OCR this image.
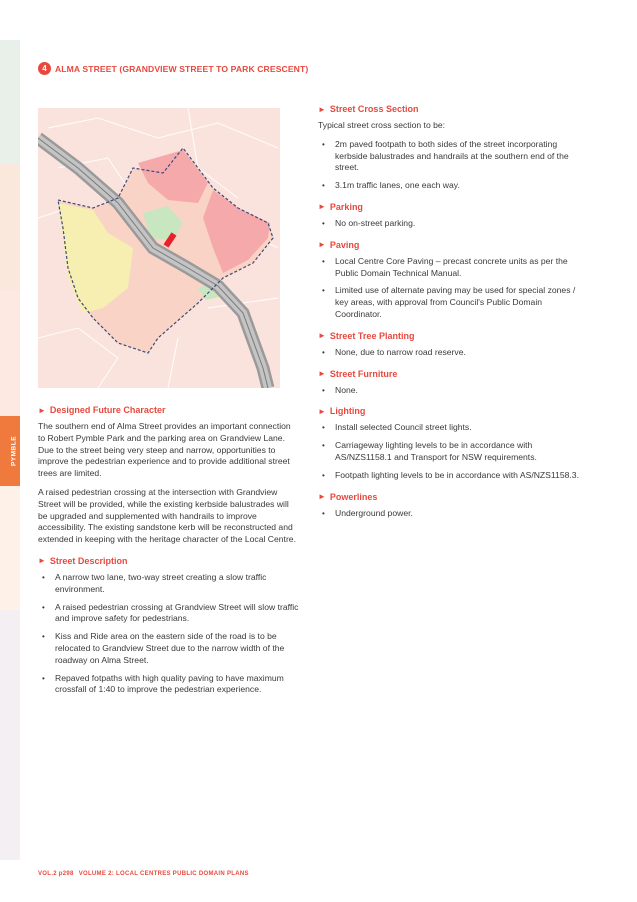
PYMBLE
4 ALMA STREET (GRANDVIEW STREET TO PARK CRESCENT)
► Designed Future Character

The southern end of Alma Street provides an important connection to Robert Pymble Park and the parking area on Grandview Lane. Due to the street being very steep and narrow, opportunities to improve the pedestrian experience and to provide additional street trees are limited.

A raised pedestrian crossing at the intersection with Grandview Street will be provided, while the existing kerbside balustrades will be upgraded and supplemented with handrails to improve accessibility. The existing sandstone kerb will be reconstructed and extended in keeping with the heritage character of the Local Centre.

► Street Description
• A narrow two lane, two-way street creating a slow traffic environment.
• A raised pedestrian crossing at Grandview Street will slow traffic and improve safety for pedestrians.
• Kiss and Ride area on the eastern side of the road is to be relocated to Grandview Street due to the narrow width of the roadway on Alma Street.
• Repaved fotpaths with high quality paving to have maximum crossfall of 1:40 to improve the pedestrian experience.
► Street Cross Section

Typical street cross section to be:

• 2m paved footpath to both sides of the street incorporating kerbside balustrades and handrails at the southern end of the street.
• 3.1m traffic lanes, one each way.
► Parking
• No on-street parking.
► Paving
• Local Centre Core Paving – precast concrete units as per the Public Domain Technical Manual.
• Limited use of alternate paving may be used for special zones / key areas, with approval from Council's Public Domain Coordinator.
► Street Tree Planting
• None, due to narrow road reserve.
► Street Furniture
• None.
► Lighting
• Install selected Council street lights.
• Carriageway lighting levels to be in accordance with AS/NZS1158.1 and Transport for NSW requirements.
• Footpath lighting levels to be in accordance with AS/NZS1158.3.
► Powerlines
• Underground power.
VOL.2 p298 VOLUME 2: LOCAL CENTRES PUBLIC DOMAIN PLANS
